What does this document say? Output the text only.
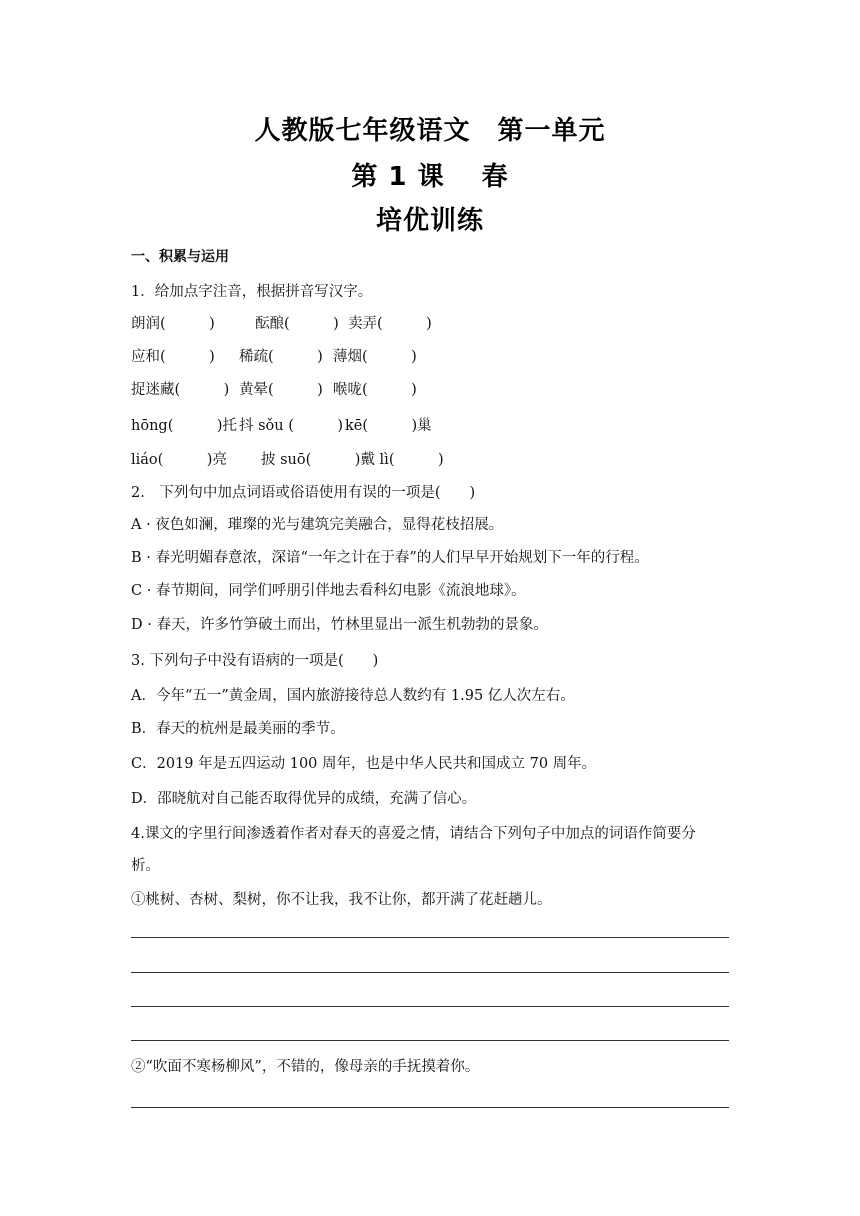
人教版七年级语文　第一单元
第 1 课　 春
培优训练
一、积累与运用
1．给加点字注音，根据拼音写汉字。
朗润(　　　)	酝酿(　　　) 卖弄(　　　)
应和(　　　) 稀疏(　　　) 薄烟(　　　)
捉迷藏(　　　) 黄晕(　　　) 喉咙(　　　)
hōng(　　　)托 抖 sǒu (　　　) kē(　　　)巢
liáo(　　　)亮 披 suō(　　　)戴 lì(　　　)
2.　下列句中加点词语或俗语使用有误的一项是(　　)
A · 夜色如澜，璀璨的光与建筑完美融合，显得花枝招展。
B · 春光明媚春意浓，深谙“一年之计在于春”的人们早早开始规划下一年的行程。
C · 春节期间，同学们呼朋引伴地去看科幻电影《流浪地球》。
D · 春天，许多竹笋破土而出，竹林里显出一派生机勃勃的景象。
3. 下列句子中没有语病的一项是(　　)
A．今年“五一”黄金周，国内旅游接待总人数约有 1.95 亿人次左右。
B．春天的杭州是最美丽的季节。
C．2019 年是五四运动 100 周年，也是中华人民共和国成立 70 周年。
D．邵晓航对自己能否取得优异的成绩，充满了信心。
4.课文的字里行间渗透着作者对春天的喜爱之情，请结合下列句子中加点的词语作简要分
析。
①桃树、杏树、梨树，你不让我，我不让你，都开满了花赶趟儿。
②“吹面不寒杨柳风”，不错的，像母亲的手抚摸着你。
